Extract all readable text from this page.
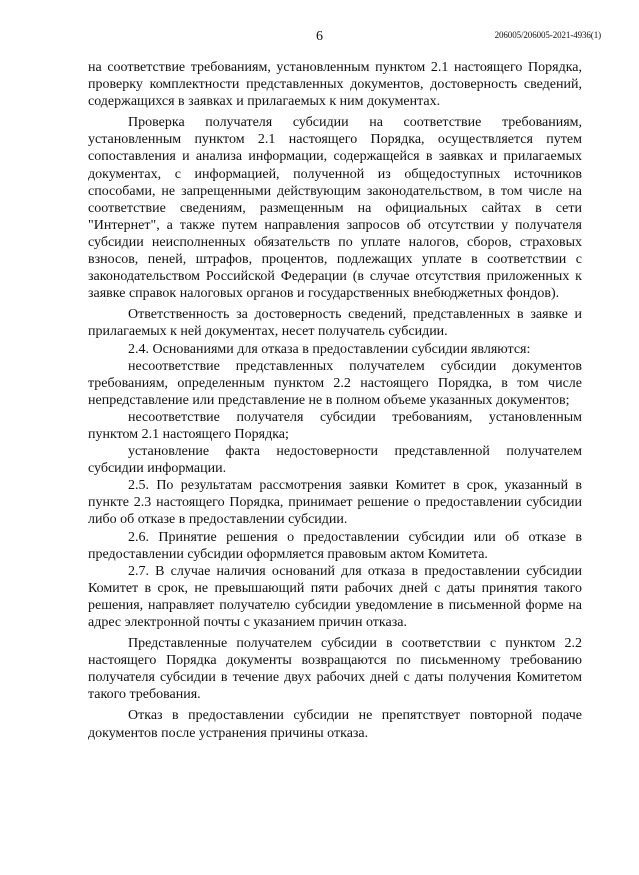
6	206005/206005-2021-4936(1)

на соответствие требованиям, установленным пунктом 2.1 настоящего Порядка, проверку комплектности представленных документов, достоверность сведений, содержащихся в заявках и прилагаемых к ним документах.

Проверка получателя субсидии на соответствие требованиям, установленным пунктом 2.1 настоящего Порядка, осуществляется путем сопоставления и анализа информации, содержащейся в заявках и прилагаемых документах, с информацией, полученной из общедоступных источников способами, не запрещенными действующим законодательством, в том числе на соответствие сведениям, размещенным на официальных сайтах в сети "Интернет", а также путем направления запросов об отсутствии у получателя субсидии неисполненных обязательств по уплате налогов, сборов, страховых взносов, пеней, штрафов, процентов, подлежащих уплате в соответствии с законодательством Российской Федерации (в случае отсутствия приложенных к заявке справок налоговых органов и государственных внебюджетных фондов).

Ответственность за достоверность сведений, представленных в заявке и прилагаемых к ней документах, несет получатель субсидии.

2.4. Основаниями для отказа в предоставлении субсидии являются:

несоответствие представленных получателем субсидии документов требованиям, определенным пунктом 2.2 настоящего Порядка, в том числе непредставление или представление не в полном объеме указанных документов;

несоответствие получателя субсидии требованиям, установленным пунктом 2.1 настоящего Порядка;

установление факта недостоверности представленной получателем субсидии информации.

2.5. По результатам рассмотрения заявки Комитет в срок, указанный в пункте 2.3 настоящего Порядка, принимает решение о предоставлении субсидии либо об отказе в предоставлении субсидии.

2.6. Принятие решения о предоставлении субсидии или об отказе в предоставлении субсидии оформляется правовым актом Комитета.

2.7. В случае наличия оснований для отказа в предоставлении субсидии Комитет в срок, не превышающий пяти рабочих дней с даты принятия такого решения, направляет получателю субсидии уведомление в письменной форме на адрес электронной почты с указанием причин отказа.

Представленные получателем субсидии в соответствии с пунктом 2.2 настоящего Порядка документы возвращаются по письменному требованию получателя субсидии в течение двух рабочих дней с даты получения Комитетом такого требования.

Отказ в предоставлении субсидии не препятствует повторной подаче документов после устранения причины отказа.
